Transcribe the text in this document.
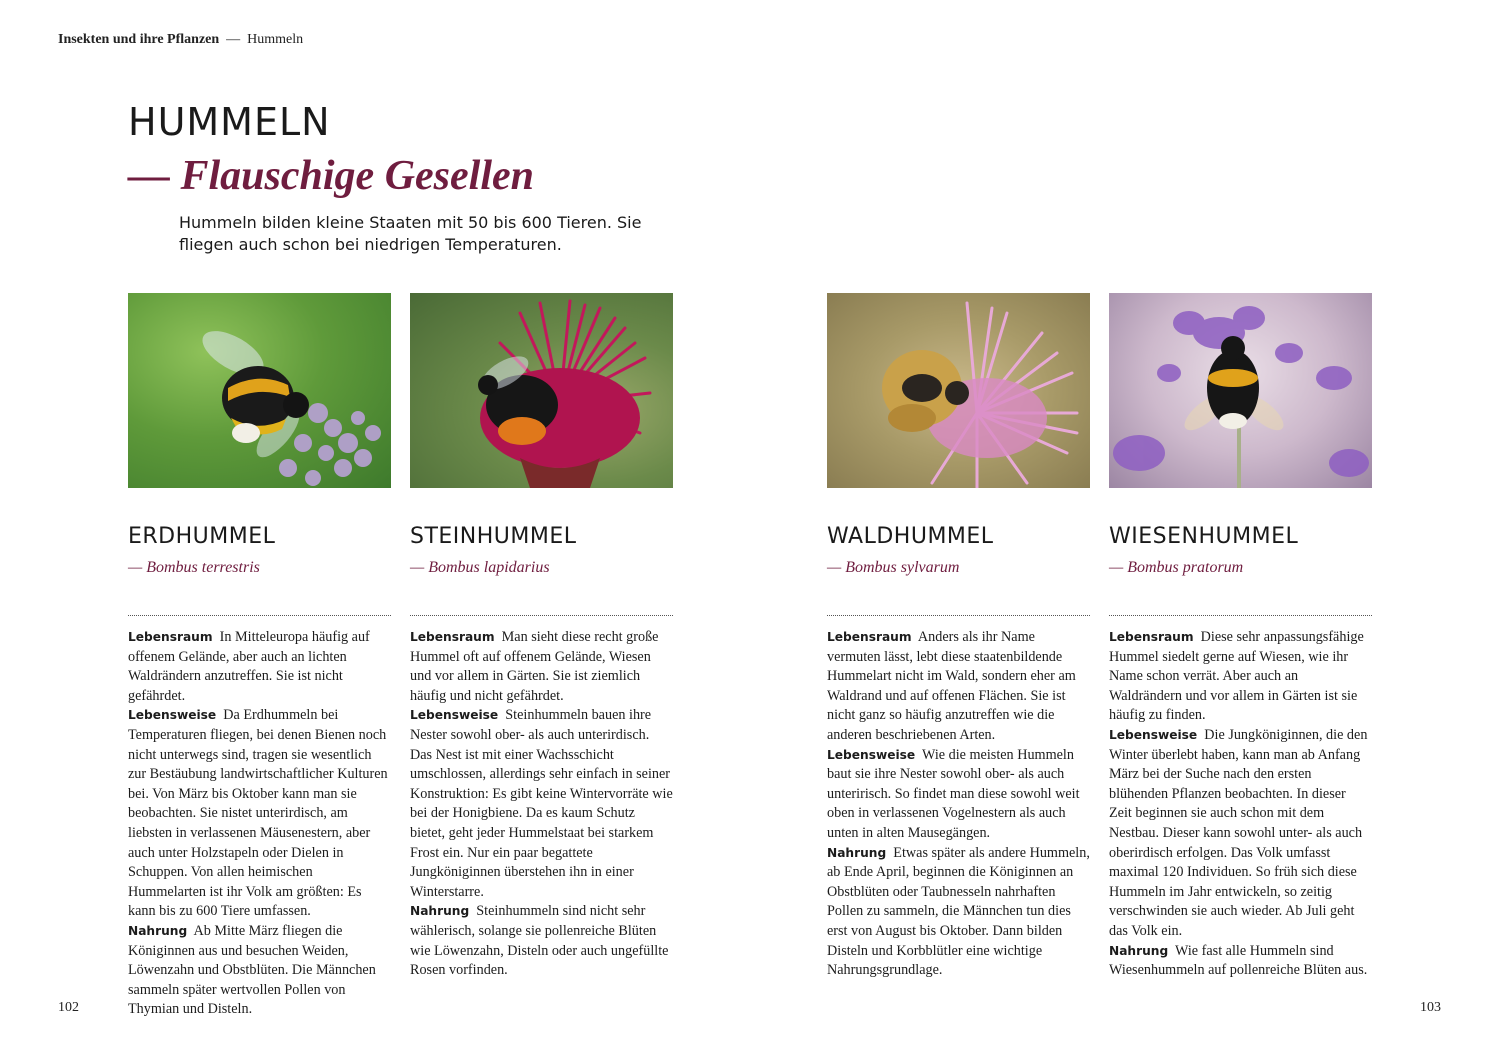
Insekten und ihre Pflanzen — Hummeln
HUMMELN
— Flauschige Gesellen

Hummeln bilden kleine Staaten mit 50 bis 600 Tieren. Sie fliegen auch schon bei niedrigen Temperaturen.

ERDHUMMEL
— Bombus terrestris
Lebensraum In Mitteleuropa häufig auf offenem Gelände, aber auch an lichten Waldrändern anzutreffen. Sie ist nicht gefährdet.
Lebensweise Da Erdhummeln bei Temperaturen fliegen, bei denen Bienen noch nicht unterwegs sind, tragen sie wesentlich zur Bestäubung landwirtschaftlicher Kulturen bei. Von März bis Oktober kann man sie beobachten. Sie nistet unterirdisch, am liebsten in verlassenen Mäusenestern, aber auch unter Holzstapeln oder Dielen in Schuppen. Von allen heimischen Hummelarten ist ihr Volk am größten: Es kann bis zu 600 Tiere umfassen.
Nahrung Ab Mitte März fliegen die Königinnen aus und besuchen Weiden, Löwenzahn und Obstblüten. Die Männchen sammeln später wertvollen Pollen von Thymian und Disteln.
STEINHUMMEL
— Bombus lapidarius
Lebensraum Man sieht diese recht große Hummel oft auf offenem Gelände, Wiesen und vor allem in Gärten. Sie ist ziemlich häufig und nicht gefährdet.
Lebensweise Steinhummeln bauen ihre Nester sowohl ober- als auch unterirdisch. Das Nest ist mit einer Wachsschicht umschlossen, allerdings sehr einfach in seiner Konstruktion: Es gibt keine Wintervorräte wie bei der Honigbiene. Da es kaum Schutz bietet, geht jeder Hummelstaat bei starkem Frost ein. Nur ein paar begattete Jungköniginnen überstehen ihn in einer Winterstarre.
Nahrung Steinhummeln sind nicht sehr wählerisch, solange sie pollenreiche Blüten wie Löwenzahn, Disteln oder auch ungefüllte Rosen vorfinden.
WALDHUMMEL
— Bombus sylvarum
Lebensraum Anders als ihr Name vermuten lässt, lebt diese staatenbildende Hummelart nicht im Wald, sondern eher am Waldrand und auf offenen Flächen. Sie ist nicht ganz so häufig anzutreffen wie die anderen beschriebenen Arten.
Lebensweise Wie die meisten Hummeln baut sie ihre Nester sowohl ober- als auch unteririsch. So findet man diese sowohl weit oben in verlassenen Vogelnestern als auch unten in alten Mausegängen.
Nahrung Etwas später als andere Hummeln, ab Ende April, beginnen die Königinnen an Obstblüten oder Taubnesseln nahrhaften Pollen zu sammeln, die Männchen tun dies erst von August bis Oktober. Dann bilden Disteln und Korbblütler eine wichtige Nahrungsgrundlage.
WIESENHUMMEL
— Bombus pratorum
Lebensraum Diese sehr anpassungsfähige Hummel siedelt gerne auf Wiesen, wie ihr Name schon verrät. Aber auch an Waldrändern und vor allem in Gärten ist sie häufig zu finden.
Lebensweise Die Jungköniginnen, die den Winter überlebt haben, kann man ab Anfang März bei der Suche nach den ersten blühenden Pflanzen beobachten. In dieser Zeit beginnen sie auch schon mit dem Nestbau. Dieser kann sowohl unter- als auch oberirdisch erfolgen. Das Volk umfasst maximal 120 Individuen. So früh sich diese Hummeln im Jahr entwickeln, so zeitig verschwinden sie auch wieder. Ab Juli geht das Volk ein.
Nahrung Wie fast alle Hummeln sind Wiesenhummeln auf pollenreiche Blüten aus.
102	103
